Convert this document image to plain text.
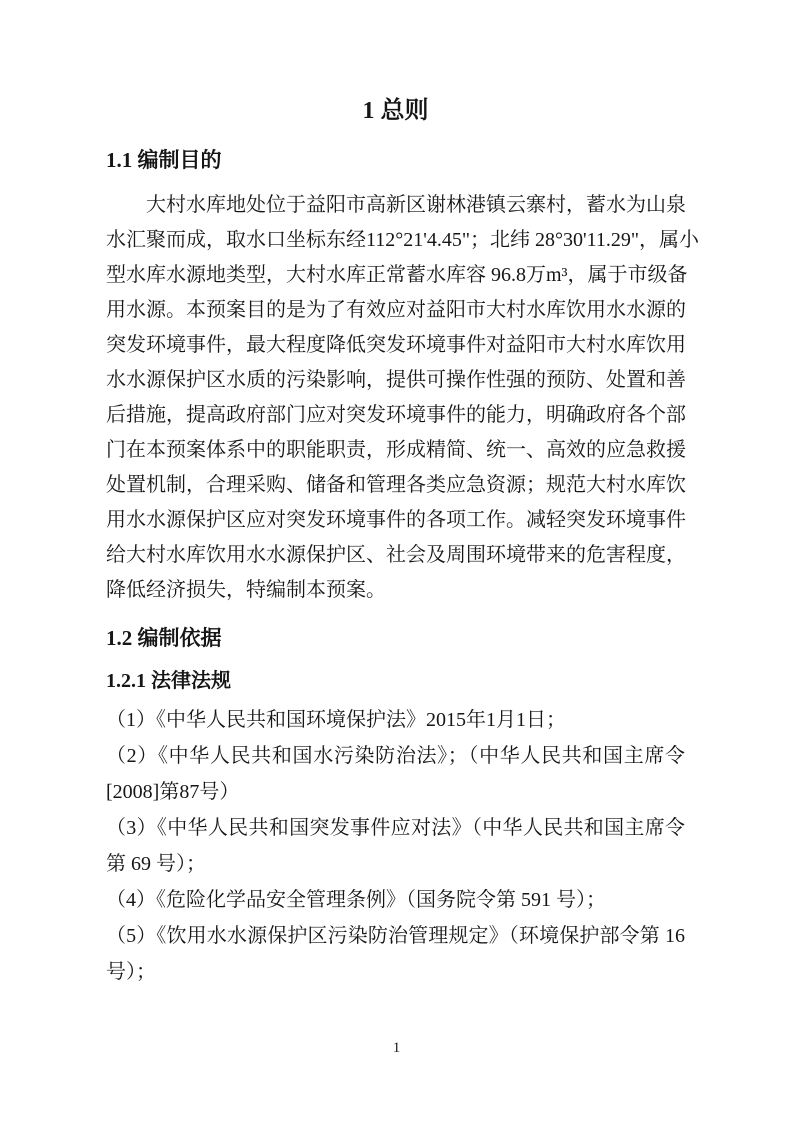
1 总则
1.1 编制目的
大村水库地处位于益阳市高新区谢林港镇云寨村，蓄水为山泉
水汇聚而成，取水口坐标东经112°21'4.45"；北纬 28°30'11.29"，属小
型水库水源地类型，大村水库正常蓄水库容 96.8万m³，属于市级备
用水源。本预案目的是为了有效应对益阳市大村水库饮用水水源的
突发环境事件，最大程度降低突发环境事件对益阳市大村水库饮用
水水源保护区水质的污染影响，提供可操作性强的预防、处置和善
后措施，提高政府部门应对突发环境事件的能力，明确政府各个部
门在本预案体系中的职能职责，形成精简、统一、高效的应急救援
处置机制，合理采购、储备和管理各类应急资源；规范大村水库饮
用水水源保护区应对突发环境事件的各项工作。减轻突发环境事件
给大村水库饮用水水源保护区、社会及周围环境带来的危害程度，
降低经济损失，特编制本预案。
1.2 编制依据
1.2.1 法律法规
（1）《中华人民共和国环境保护法》2015年1月1日；
（2）《中华人民共和国水污染防治法》；（中华人民共和国主席令
[2008]第87号）
（3）《中华人民共和国突发事件应对法》（中华人民共和国主席令
第 69 号）；
（4）《危险化学品安全管理条例》（国务院令第 591 号）；
（5）《饮用水水源保护区污染防治管理规定》（环境保护部令第 16
号）；
1
